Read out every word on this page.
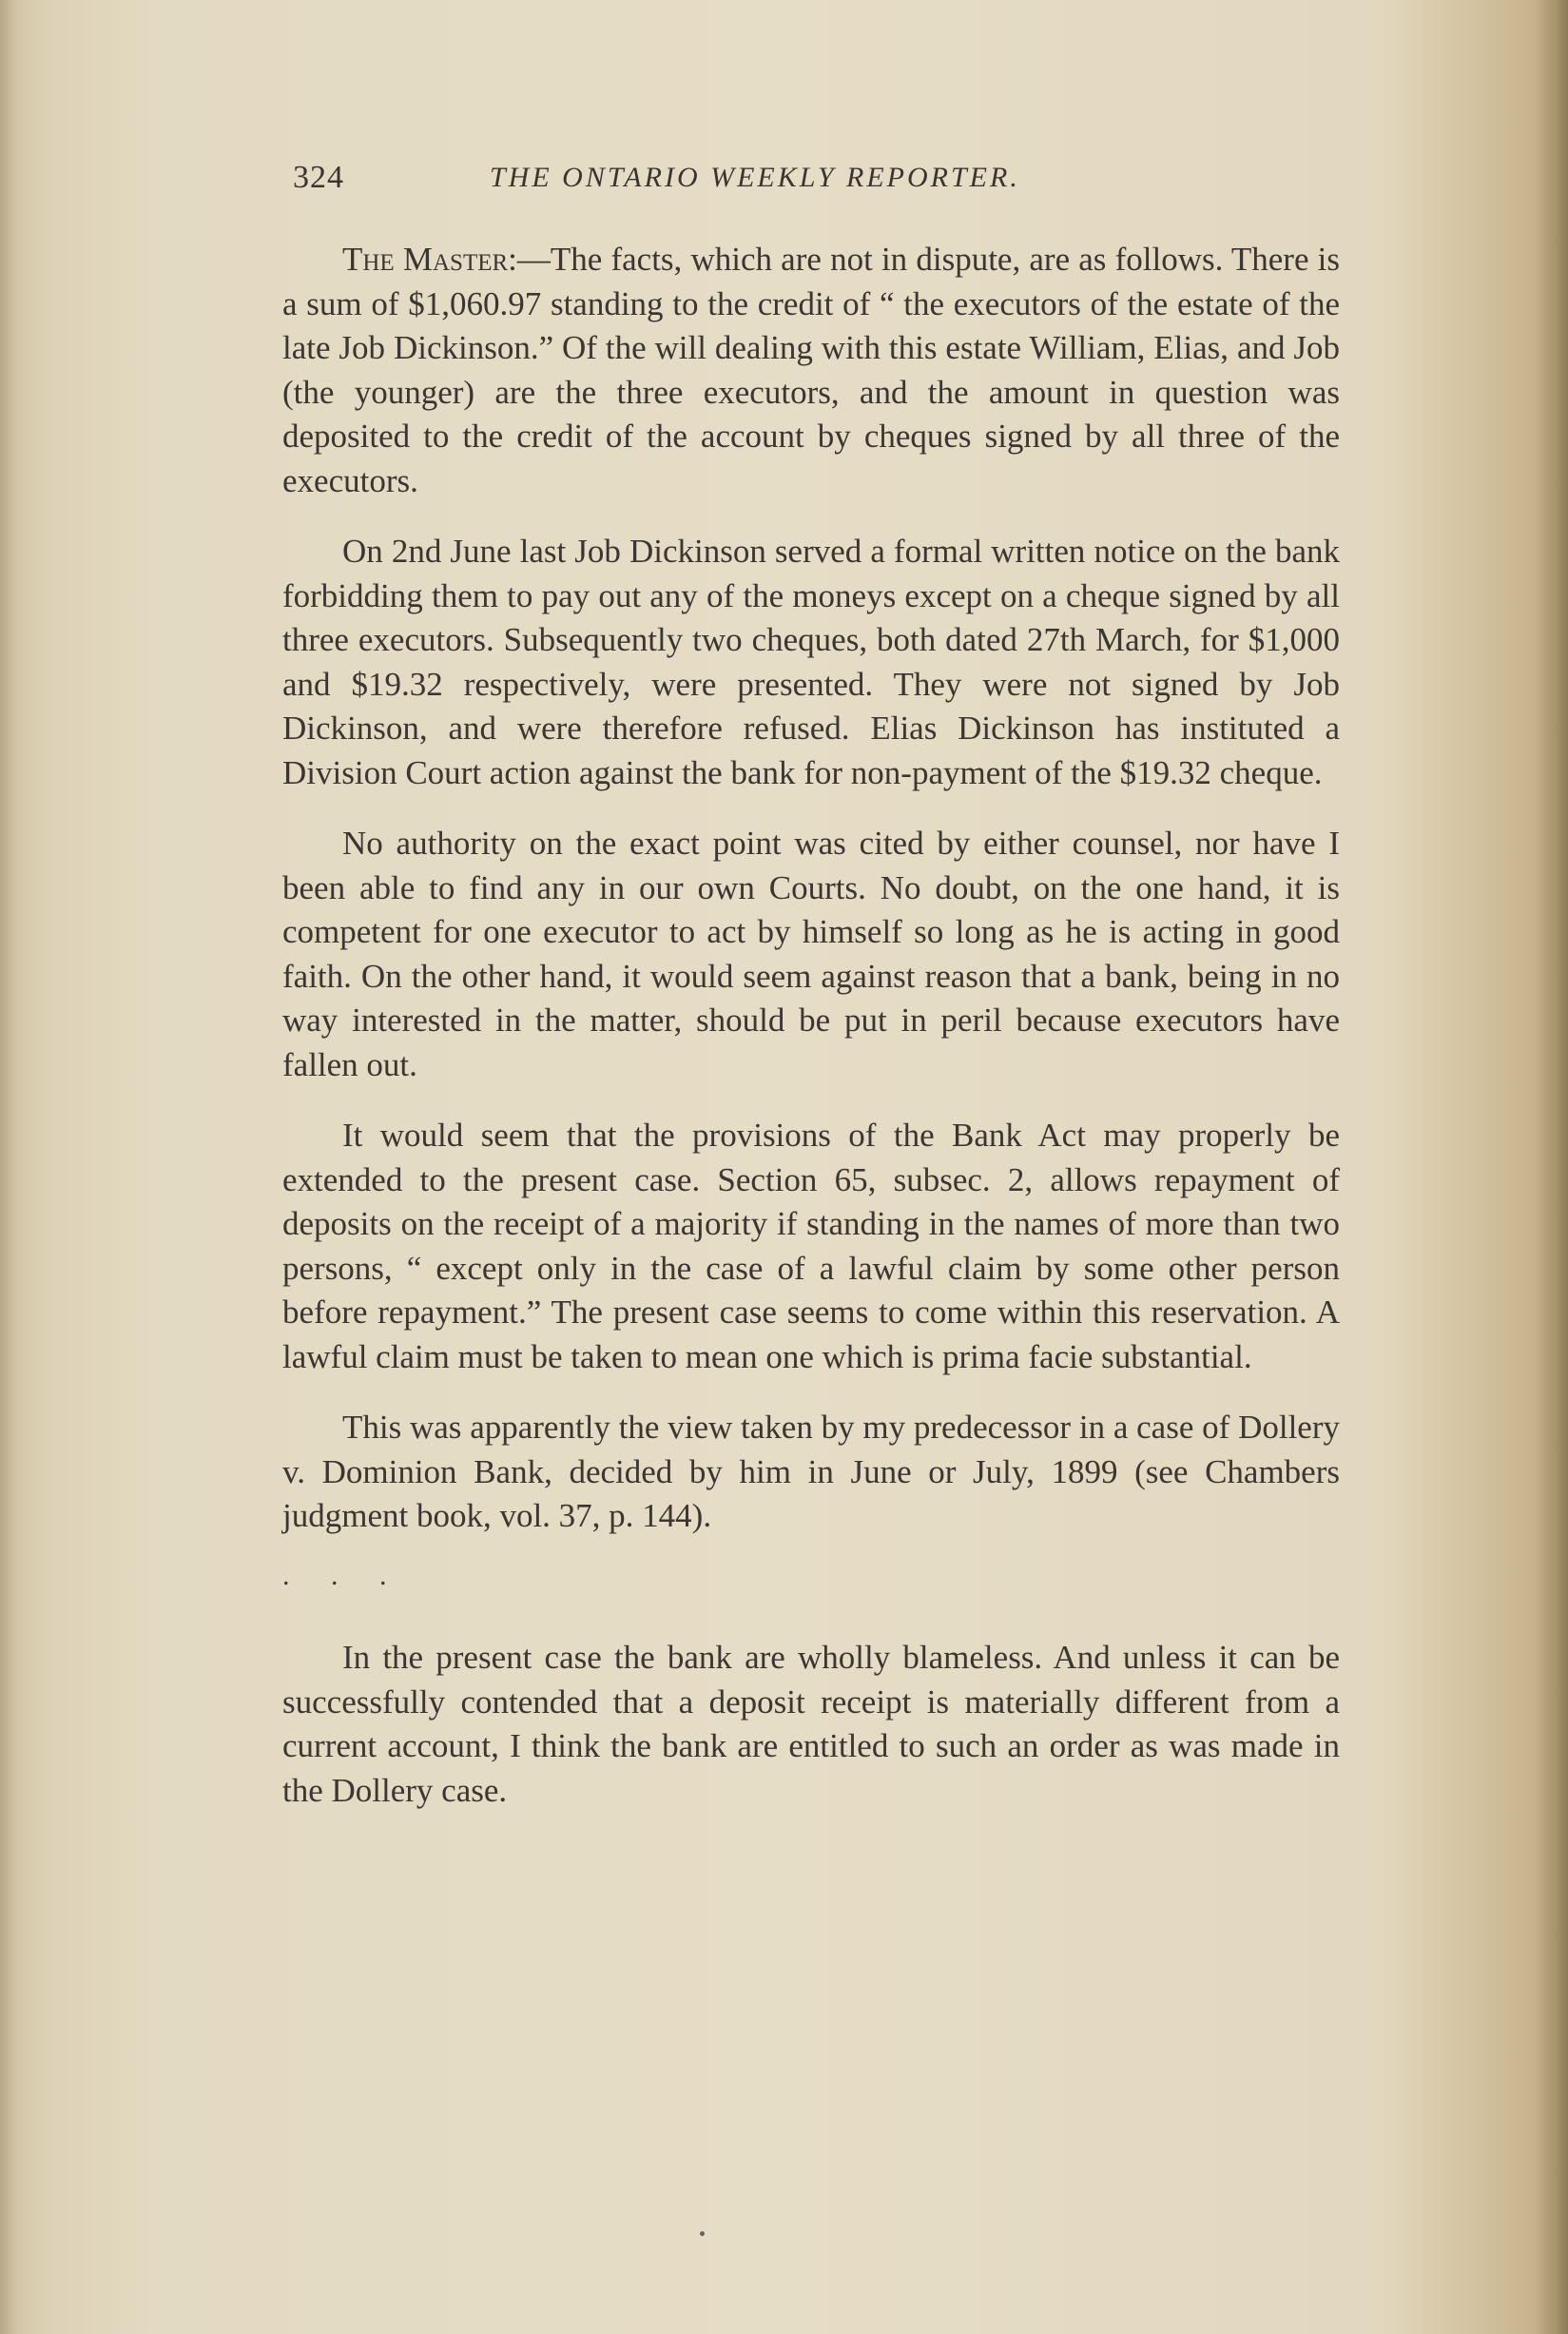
324	THE ONTARIO WEEKLY REPORTER.

The Master:—The facts, which are not in dispute, are as follows. There is a sum of $1,060.97 standing to the credit of “ the executors of the estate of the late Job Dickinson.” Of the will dealing with this estate William, Elias, and Job (the younger) are the three executors, and the amount in question was deposited to the credit of the account by cheques signed by all three of the executors.

On 2nd June last Job Dickinson served a formal written notice on the bank forbidding them to pay out any of the moneys except on a cheque signed by all three executors. Subsequently two cheques, both dated 27th March, for $1,000 and $19.32 respectively, were presented. They were not signed by Job Dickinson, and were therefore refused. Elias Dickinson has instituted a Division Court action against the bank for non-payment of the $19.32 cheque.

No authority on the exact point was cited by either counsel, nor have I been able to find any in our own Courts. No doubt, on the one hand, it is competent for one executor to act by himself so long as he is acting in good faith. On the other hand, it would seem against reason that a bank, being in no way interested in the matter, should be put in peril because executors have fallen out.

It would seem that the provisions of the Bank Act may properly be extended to the present case. Section 65, subsec. 2, allows repayment of deposits on the receipt of a majority if standing in the names of more than two persons, “ except only in the case of a lawful claim by some other person before repayment.” The present case seems to come within this reservation. A lawful claim must be taken to mean one which is prima facie substantial.

This was apparently the view taken by my predecessor in a case of Dollery v. Dominion Bank, decided by him in June or July, 1899 (see Chambers judgment book, vol. 37, p. 144).

. . .

In the present case the bank are wholly blameless. And unless it can be successfully contended that a deposit receipt is materially different from a current account, I think the bank are entitled to such an order as was made in the Dollery case.
